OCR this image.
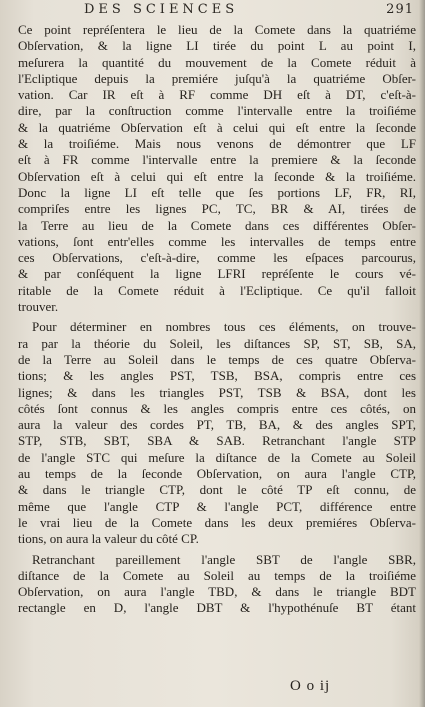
DES SCIENCES	291
Ce point repréſentera le lieu de la Comete dans la quatriéme
Obſervation, & la ligne LI tirée du point L au point I,
meſurera la quantité du mouvement de la Comete réduit à
l'Ecliptique depuis la premiére juſqu'à la quatriéme Obſer-
vation. Car IR eſt à RF comme DH eſt à DT, c'eſt-à-
dire, par la conſtruction comme l'intervalle entre la troiſiéme
& la quatriéme Obſervation eſt à celui qui eſt entre la ſeconde
& la troiſiéme. Mais nous venons de démontrer que LF
eſt à FR comme l'intervalle entre la premiere & la ſeconde
Obſervation eſt à celui qui eſt entre la ſeconde & la troiſiéme.
Donc la ligne LI eſt telle que ſes portions LF, FR, RI,
compriſes entre les lignes PC, TC, BR & AI, tirées de
la Terre au lieu de la Comete dans ces différentes Obſer-
vations, ſont entr'elles comme les intervalles de temps entre
ces Obſervations, c'eſt-à-dire, comme les eſpaces parcourus,
& par conſéquent la ligne LFRI repréſente le cours vé-
ritable de la Comete réduit à l'Ecliptique. Ce qu'il falloit
trouver.
Pour déterminer en nombres tous ces éléments, on trouve-
ra par la théorie du Soleil, les diſtances SP, ST, SB, SA,
de la Terre au Soleil dans le temps de ces quatre Obſerva-
tions; & les angles PST, TSB, BSA, compris entre ces
lignes; & dans les triangles PST, TSB & BSA, dont les
côtés ſont connus & les angles compris entre ces côtés, on
aura la valeur des cordes PT, TB, BA, & des angles SPT,
STP, STB, SBT, SBA & SAB. Retranchant l'angle STP
de l'angle STC qui meſure la diſtance de la Comete au Soleil
au temps de la ſeconde Obſervation, on aura l'angle CTP,
& dans le triangle CTP, dont le côté TP eſt connu, de
même que l'angle CTP & l'angle PCT, différence entre
le vrai lieu de la Comete dans les deux premiéres Obſerva-
tions, on aura la valeur du côté CP.
Retranchant pareillement l'angle SBT de l'angle SBR,
diſtance de la Comete au Soleil au temps de la troiſiéme
Obſervation, on aura l'angle TBD, & dans le triangle BDT
rectangle en D, l'angle DBT & l'hypothénuſe BT étant
O o ij
